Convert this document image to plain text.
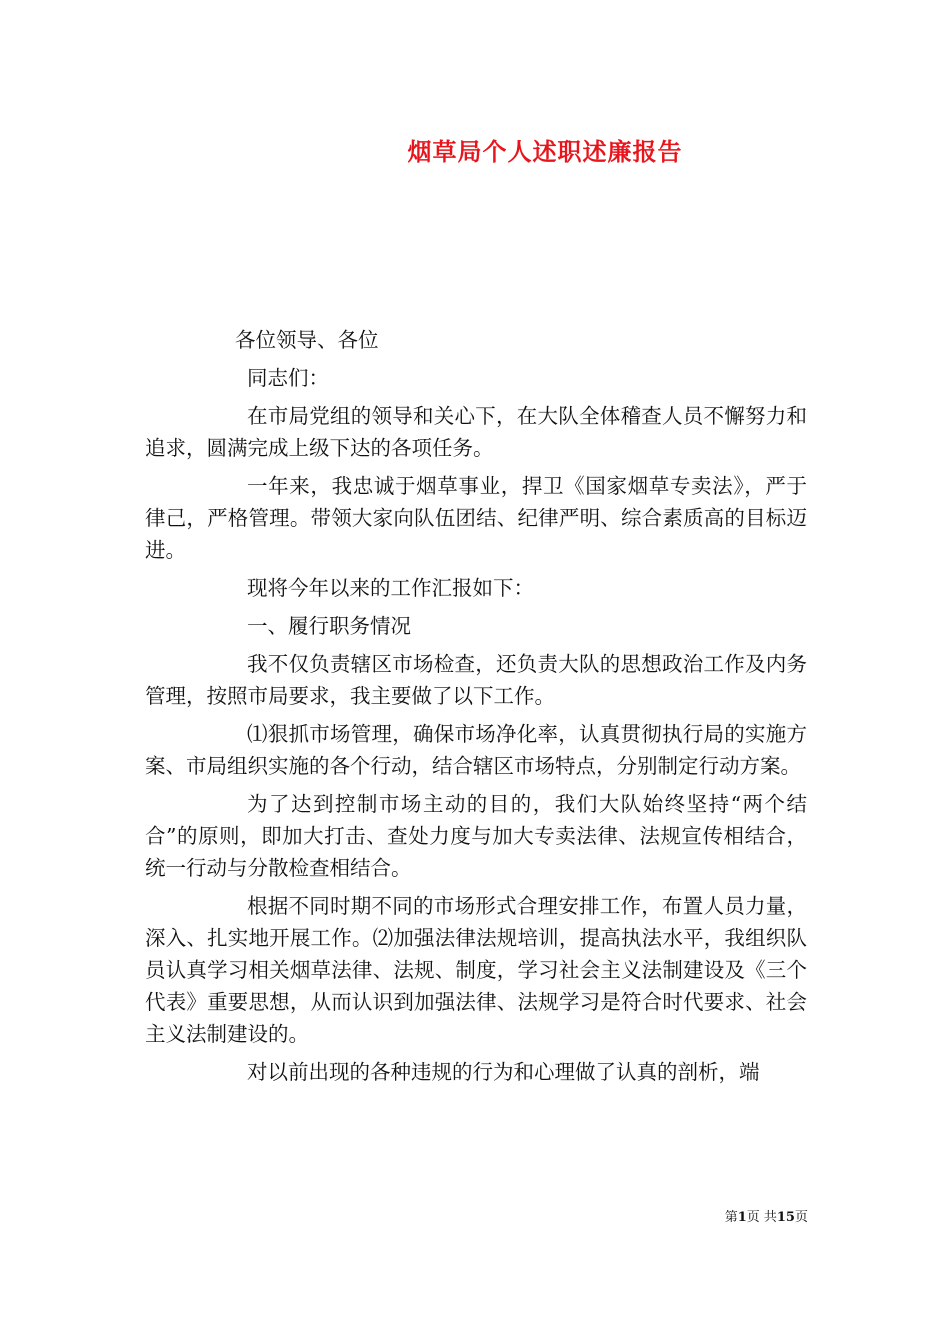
烟草局个人述职述廉报告

各位领导、各位

同志们：

在市局党组的领导和关心下，在大队全体稽查人员不懈努力和追求，圆满完成上级下达的各项任务。

一年来，我忠诚于烟草事业，捍卫《国家烟草专卖法》，严于律己，严格管理。带领大家向队伍团结、纪律严明、综合素质高的目标迈进。

现将今年以来的工作汇报如下：

一、履行职务情况

我不仅负责辖区市场检查，还负责大队的思想政治工作及内务管理，按照市局要求，我主要做了以下工作。

⑴狠抓市场管理，确保市场净化率，认真贯彻执行局的实施方案、市局组织实施的各个行动，结合辖区市场特点，分别制定行动方案。

为了达到控制市场主动的目的，我们大队始终坚持“两个结合”的原则，即加大打击、查处力度与加大专卖法律、法规宣传相结合，统一行动与分散检查相结合。

根据不同时期不同的市场形式合理安排工作，布置人员力量，深入、扎实地开展工作。⑵加强法律法规培训，提高执法水平，我组织队员认真学习相关烟草法律、法规、制度，学习社会主义法制建设及《三个代表》重要思想，从而认识到加强法律、法规学习是符合时代要求、社会主义法制建设的。

对以前出现的各种违规的行为和心理做了认真的剖析，端

第1页 共15页
